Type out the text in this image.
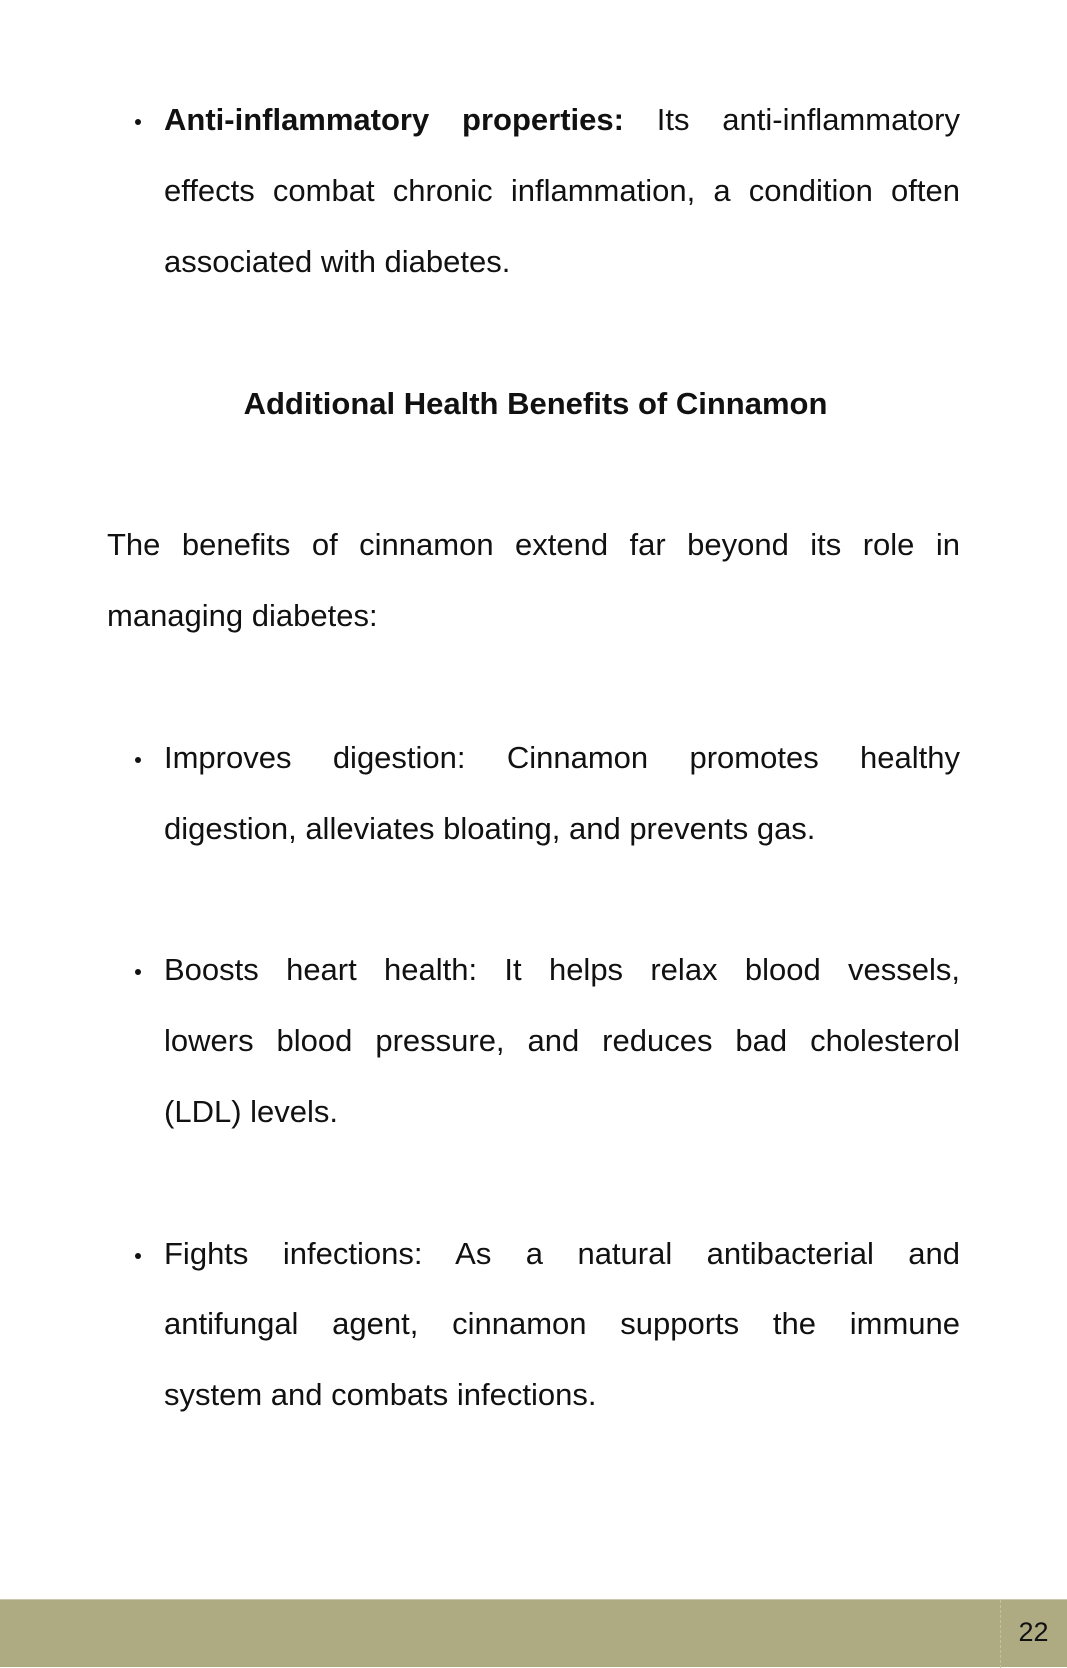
Anti-inflammatory properties: Its anti-inflammatory
effects combat chronic inflammation, a condition often
associated with diabetes.
Additional Health Benefits of Cinnamon
The benefits of cinnamon extend far beyond its role in
managing diabetes:
Improves digestion: Cinnamon promotes healthy
digestion, alleviates bloating, and prevents gas.
Boosts heart health: It helps relax blood vessels,
lowers blood pressure, and reduces bad cholesterol
(LDL) levels.
Fights infections: As a natural antibacterial and
antifungal agent, cinnamon supports the immune
system and combats infections.
22
